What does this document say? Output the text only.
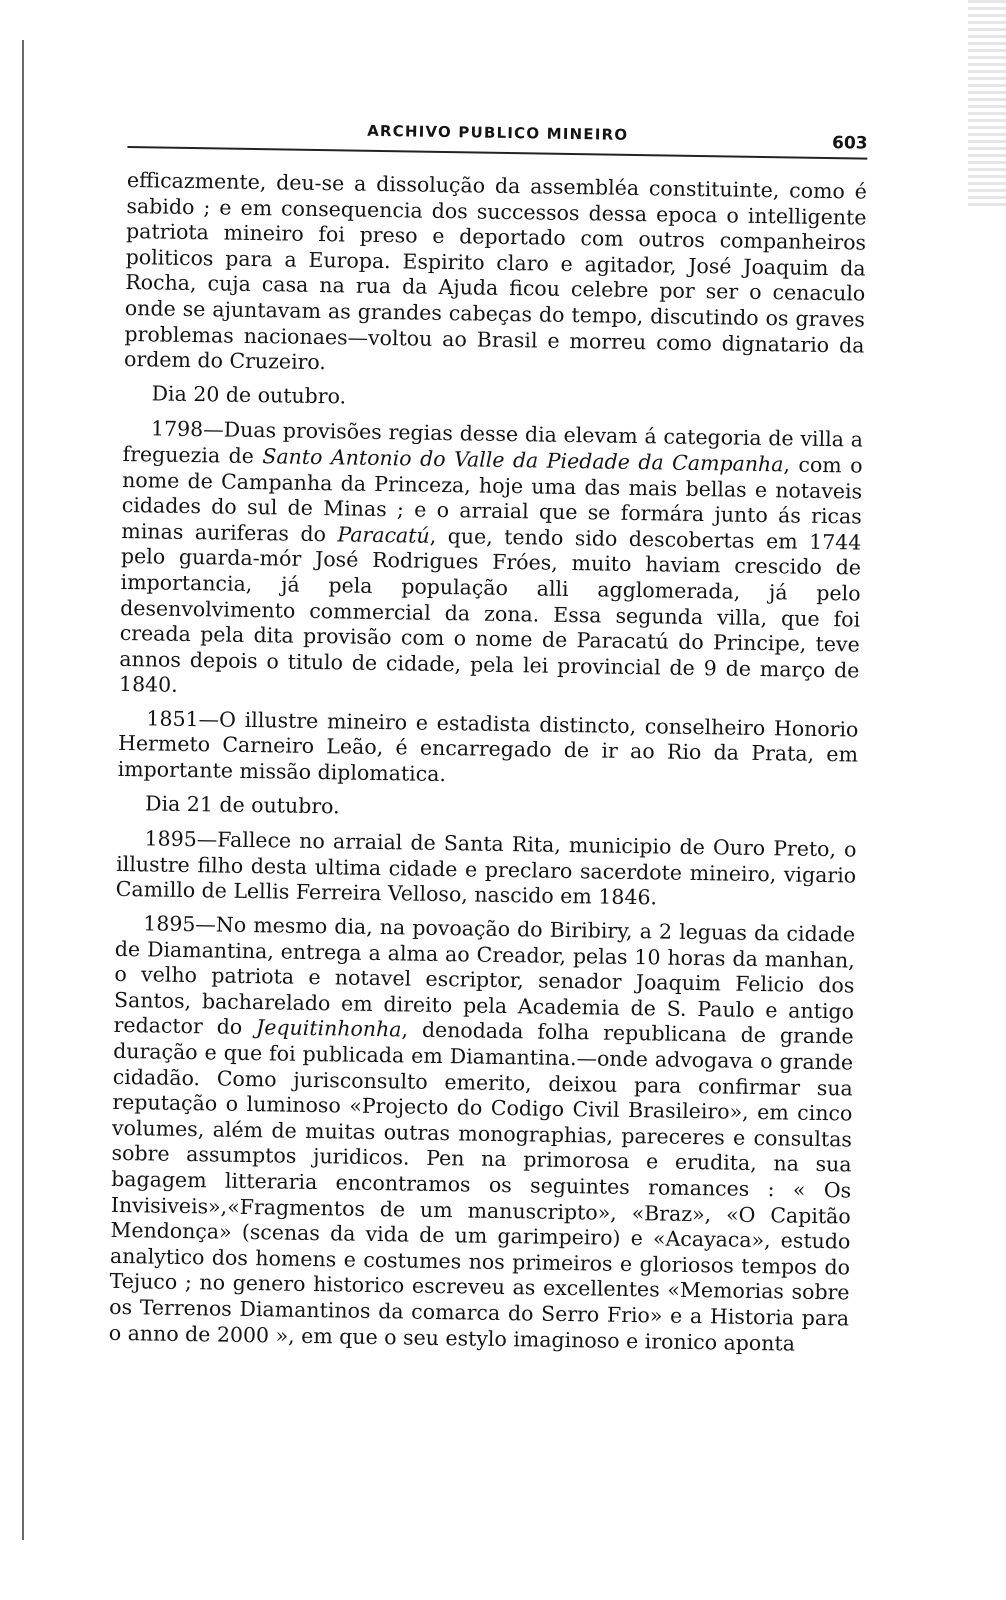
ARCHIVO PUBLICO MINEIRO	603

efficazmente, deu-se a dissolução da assembléa constituinte, como é sabido ; e em consequencia dos successos dessa epoca o intelligente patriota mineiro foi preso e deportado com outros companheiros politicos para a Europa. Espirito claro e agitador, José Joaquim da Rocha, cuja casa na rua da Ajuda ficou celebre por ser o cenaculo onde se ajuntavam as grandes cabeças do tempo, discutindo os graves problemas nacionaes—voltou ao Brasil e morreu como dignatario da ordem do Cruzeiro.

Dia 20 de outubro.

1798—Duas provisões regias desse dia elevam á categoria de villa a freguezia de Santo Antonio do Valle da Piedade da Campanha, com o nome de Campanha da Princeza, hoje uma das mais bellas e notaveis cidades do sul de Minas ; e o arraial que se formára junto ás ricas minas auriferas do Paracatú, que, tendo sido descobertas em 1744 pelo guarda-mór José Rodrigues Fróes, muito haviam crescido de importancia, já pela população alli agglomerada, já pelo desenvolvimento commercial da zona. Essa segunda villa, que foi creada pela dita provisão com o nome de Paracatú do Principe, teve annos depois o titulo de cidade, pela lei provincial de 9 de março de 1840.

1851—O illustre mineiro e estadista distincto, conselheiro Honorio Hermeto Carneiro Leão, é encarregado de ir ao Rio da Prata, em importante missão diplomatica.

Dia 21 de outubro.

1895—Fallece no arraial de Santa Rita, municipio de Ouro Preto, o illustre filho desta ultima cidade e preclaro sacerdote mineiro, vigario Camillo de Lellis Ferreira Velloso, nascido em 1846.

1895—No mesmo dia, na povoação do Biribiry, a 2 leguas da cidade de Diamantina, entrega a alma ao Creador, pelas 10 horas da manhan, o velho patriota e notavel escriptor, senador Joaquim Felicio dos Santos, bacharelado em direito pela Academia de S. Paulo e antigo redactor do Jequitinhonha, denodada folha republicana de grande duração e que foi publicada em Diamantina.—onde advogava o grande cidadão. Como jurisconsulto emerito, deixou para confirmar sua reputação o luminoso «Projecto do Codigo Civil Brasileiro», em cinco volumes, além de muitas outras monographias, pareceres e consultas sobre assumptos juridicos. Pen na primorosa e erudita, na sua bagagem litteraria encontramos os seguintes romances : « Os Invisiveis»,«Fragmentos de um manuscripto», «Braz», «O Capitão Mendonça» (scenas da vida de um garimpeiro) e «Acayaca», estudo analytico dos homens e costumes nos primeiros e gloriosos tempos do Tejuco ; no genero historico escreveu as excellentes «Memorias sobre os Terrenos Diamantinos da comarca do Serro Frio» e a Historia para o anno de 2000 », em que o seu estylo imaginoso e ironico aponta
